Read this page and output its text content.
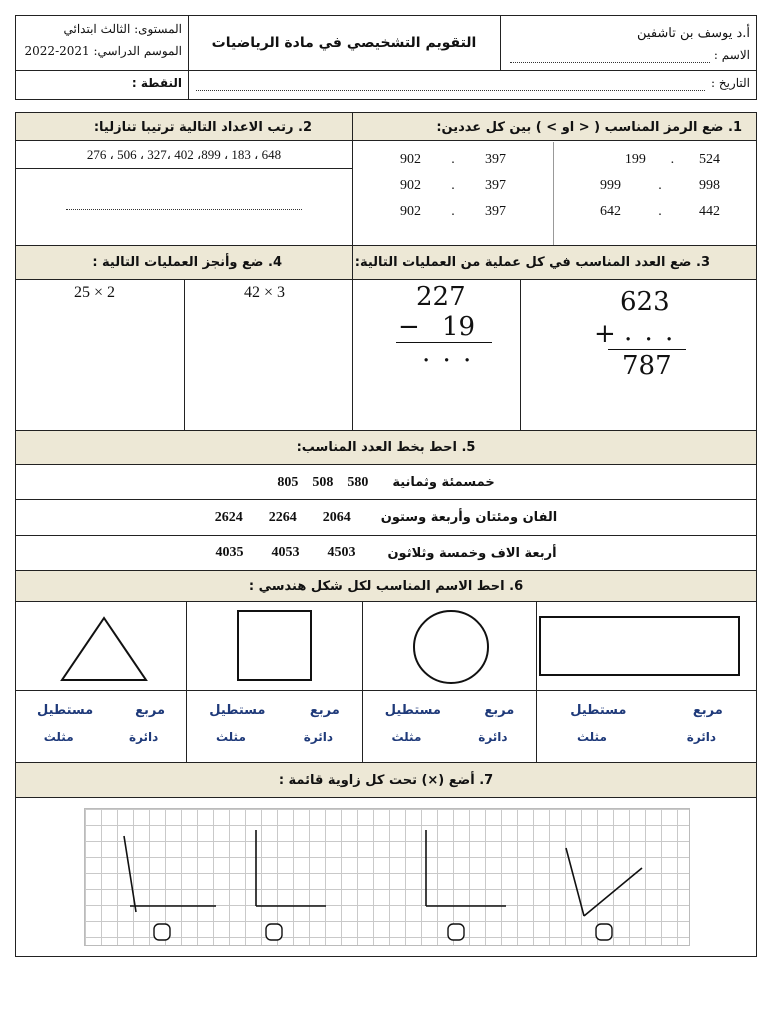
أ.د يوسف بن تاشفين
الاسم :
التقويم التشخيصي في مادة الرياضيات
المستوى: الثالث ابتدائي
الموسم الدراسي: 2021-2022
التاريخ :
النقطة :
1. ضع الرمز المناسب ( < او > ) بين كل عددين:
2. رتب الاعداد التالية ترتيبا تنازليا:
199 . 524
999	.	998
642	.	442
902 . 397
902 . 397
902 . 397
648 ، 183 ، 899، 402 ،327 ، 506 ، 276
3. ضع العدد المناسب في كل عملية من العمليات التالية:
4. ضع وأنجز العمليات التالية :
623
+ . . .
787
227
− 19
. . .
42 × 3
25 × 2
5. احط بخط العدد المناسب:
خمسمئة وثمانية
580
508
805
الفان ومئتان وأربعة وستون
2064
2264
2624
أربعة الاف وخمسة وثلاثون
4503
4053
4035
6. احط الاسم المناسب لكل شكل هندسي :
مربع
مستطيل
دائرة
مثلث
مربع
مستطيل
دائرة
مثلث
مربع
مستطيل
دائرة
مثلث
مربع
مستطيل
دائرة
مثلث
7. أضع (×) تحت كل زاوية قائمة :
